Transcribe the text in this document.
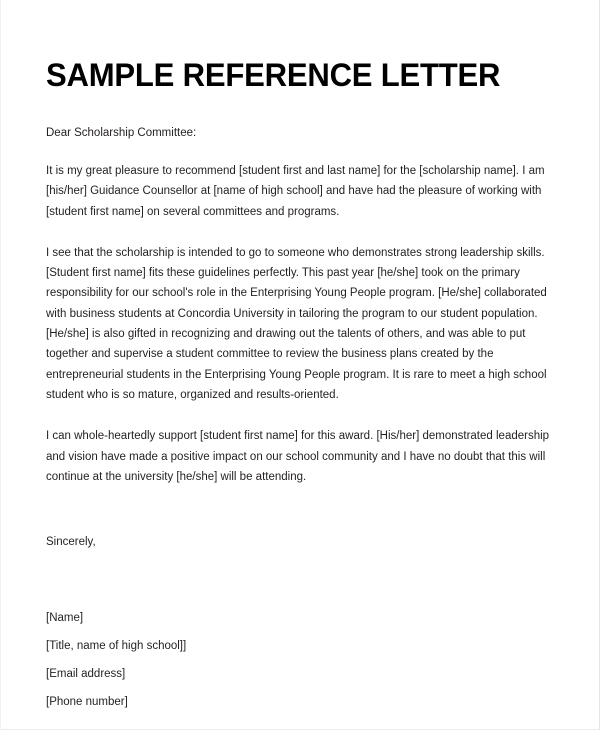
SAMPLE REFERENCE LETTER

Dear Scholarship Committee:

It is my great pleasure to recommend [student first and last name] for the [scholarship name]. I am [his/her] Guidance Counsellor at [name of high school] and have had the pleasure of working with [student first name] on several committees and programs.

I see that the scholarship is intended to go to someone who demonstrates strong leadership skills. [Student first name] fits these guidelines perfectly. This past year [he/she] took on the primary responsibility for our school's role in the Enterprising Young People program. [He/she] collaborated with business students at Concordia University in tailoring the program to our student population. [He/she] is also gifted in recognizing and drawing out the talents of others, and was able to put together and supervise a student committee to review the business plans created by the entrepreneurial students in the Enterprising Young People program. It is rare to meet a high school student who is so mature, organized and results-oriented.

I can whole-heartedly support [student first name] for this award. [His/her] demonstrated leadership and vision have made a positive impact on our school community and I have no doubt that this will continue at the university [he/she] will be attending.

Sincerely,

[Name]

[Title, name of high school]]

[Email address]

[Phone number]
